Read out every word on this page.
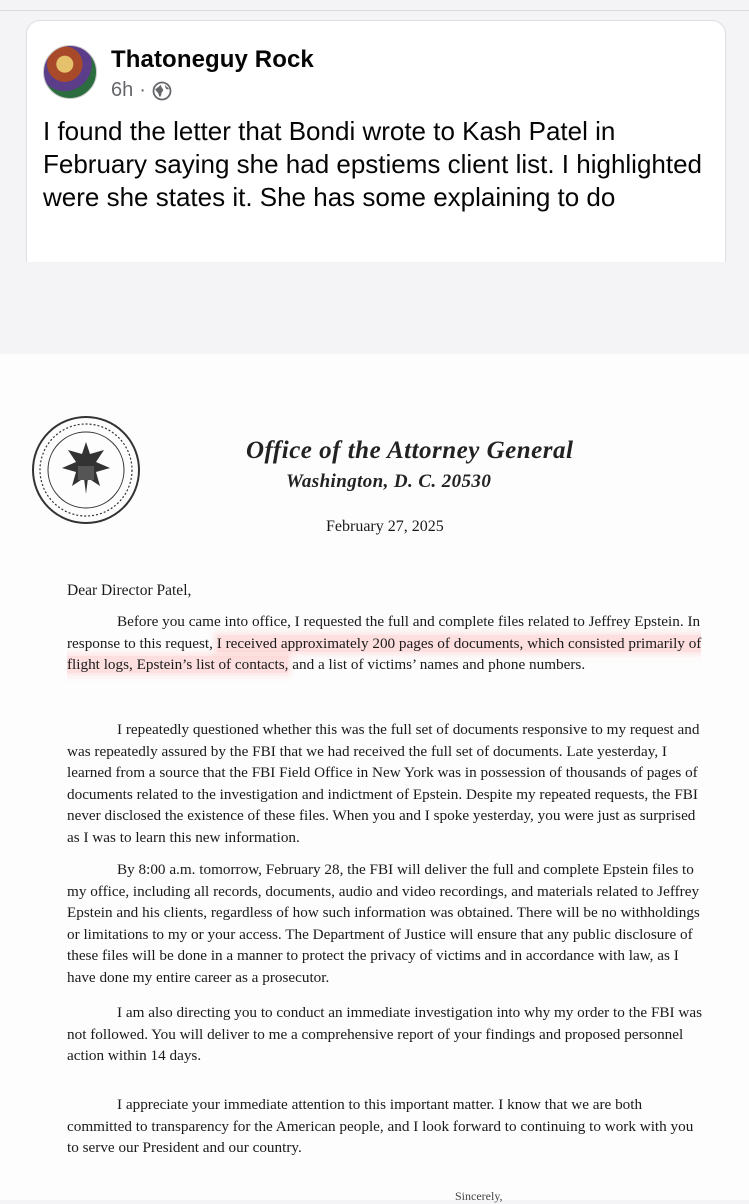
Thatoneguy Rock
6h ·
I found the letter that Bondi wrote to Kash Patel in February saying she had epstiems client list. I highlighted were she states it. She has some explaining to do
Office of the Attorney General
Washington, D. C. 20530
February 27, 2025
Dear Director Patel,
Before you came into office, I requested the full and complete files related to Jeffrey Epstein. In response to this request, I received approximately 200 pages of documents, which consisted primarily of flight logs, Epstein’s list of contacts, and a list of victims’ names and phone numbers.
I repeatedly questioned whether this was the full set of documents responsive to my request and was repeatedly assured by the FBI that we had received the full set of documents. Late yesterday, I learned from a source that the FBI Field Office in New York was in possession of thousands of pages of documents related to the investigation and indictment of Epstein. Despite my repeated requests, the FBI never disclosed the existence of these files. When you and I spoke yesterday, you were just as surprised as I was to learn this new information.
By 8:00 a.m. tomorrow, February 28, the FBI will deliver the full and complete Epstein files to my office, including all records, documents, audio and video recordings, and materials related to Jeffrey Epstein and his clients, regardless of how such information was obtained. There will be no withholdings or limitations to my or your access. The Department of Justice will ensure that any public disclosure of these files will be done in a manner to protect the privacy of victims and in accordance with law, as I have done my entire career as a prosecutor.
I am also directing you to conduct an immediate investigation into why my order to the FBI was not followed. You will deliver to me a comprehensive report of your findings and proposed personnel action within 14 days.
I appreciate your immediate attention to this important matter. I know that we are both committed to transparency for the American people, and I look forward to continuing to work with you to serve our President and our country.
Sincerely,
